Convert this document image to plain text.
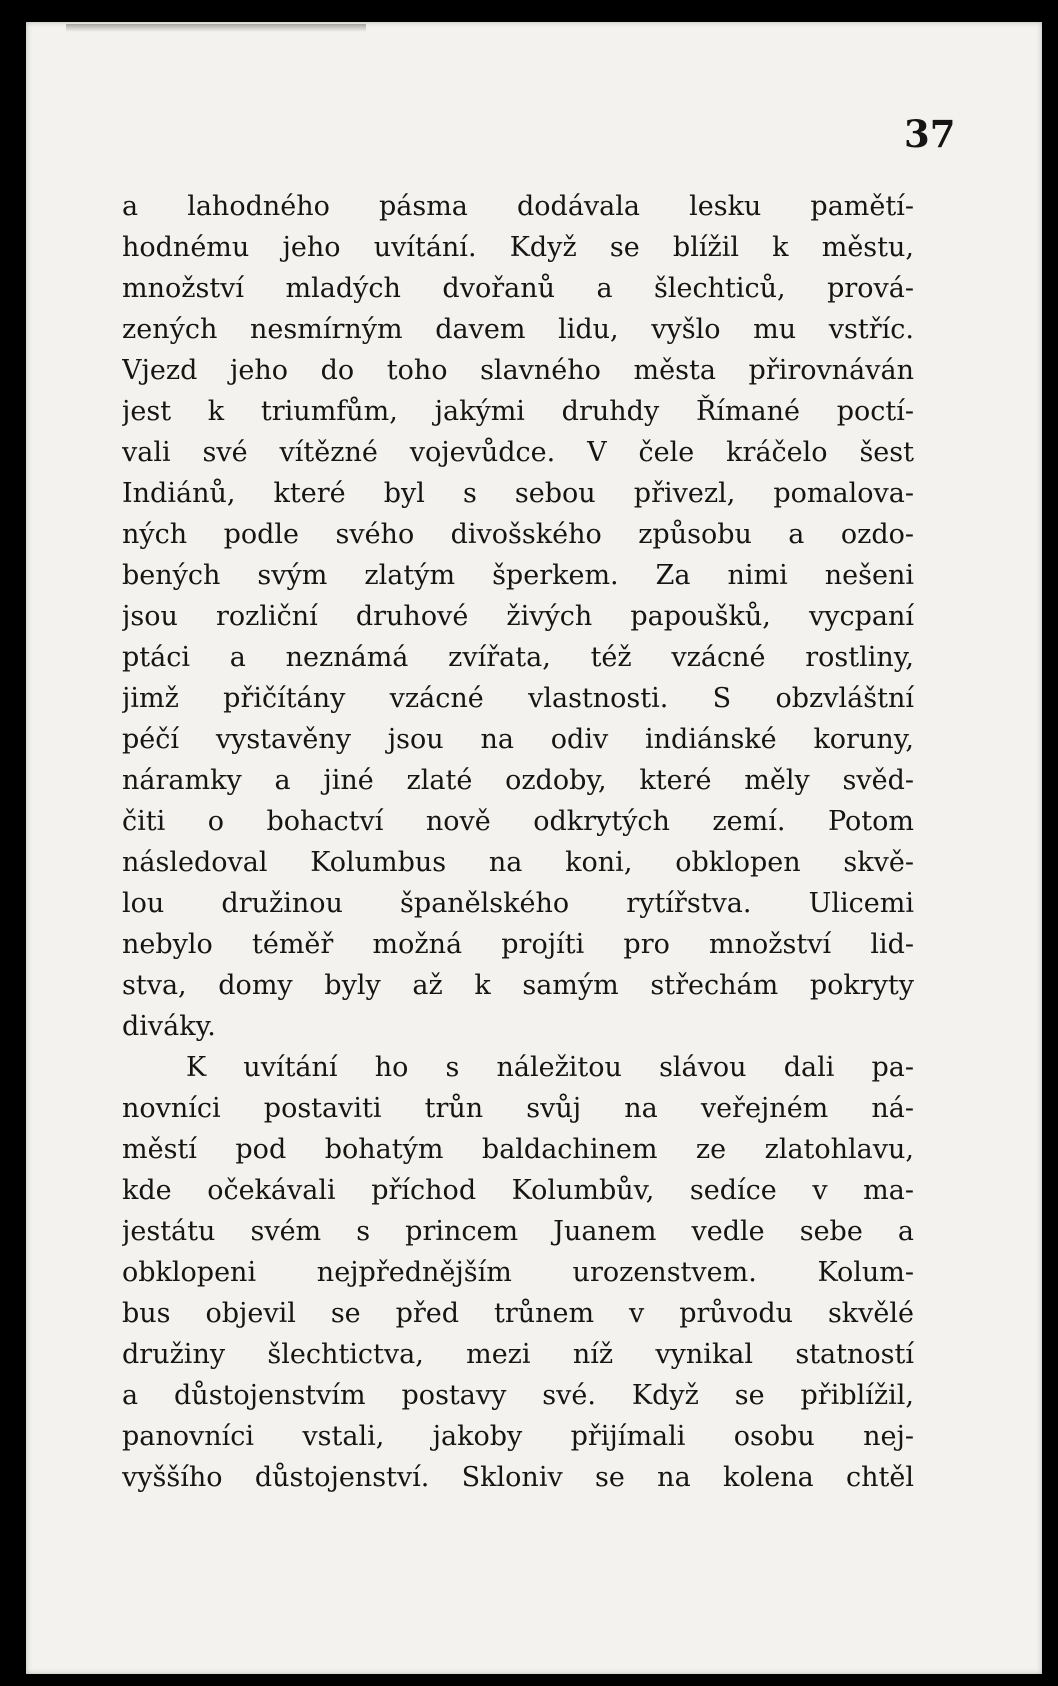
37

a lahodného pásma dodávala lesku pamětí-
hodnému jeho uvítání. Když se blížil k městu,
množství mladých dvořanů a šlechticů, prová-
zených nesmírným davem lidu, vyšlo mu vstříc.
Vjezd jeho do toho slavného města přirovnáván
jest k triumfům, jakými druhdy Římané poctí-
vali své vítězné vojevůdce. V čele kráčelo šest
Indiánů, které byl s sebou přivezl, pomalova-
ných podle svého divošského způsobu a ozdo-
bených svým zlatým šperkem. Za nimi nešeni
jsou rozliční druhové živých papoušků, vycpaní
ptáci a neznámá zvířata, též vzácné rostliny,
jimž přičítány vzácné vlastnosti. S obzvláštní
péčí vystavěny jsou na odiv indiánské koruny,
náramky a jiné zlaté ozdoby, které měly svěd-
čiti o bohactví nově odkrytých zemí. Potom
následoval Kolumbus na koni, obklopen skvě-
lou družinou španělského rytířstva. Ulicemi
nebylo téměř možná projíti pro množství lid-
stva, domy byly až k samým střechám pokryty
diváky.
K uvítání ho s náležitou slávou dali pa-
novníci postaviti trůn svůj na veřejném ná-
městí pod bohatým baldachinem ze zlatohlavu,
kde očekávali příchod Kolumbův, sedíce v ma-
jestátu svém s princem Juanem vedle sebe a
obklopeni nejpřednějším urozenstvem. Kolum-
bus objevil se před trůnem v průvodu skvělé
družiny šlechtictva, mezi níž vynikal statností
a důstojenstvím postavy své. Když se přiblížil,
panovníci vstali, jakoby přijímali osobu nej-
vyššího důstojenství. Skloniv se na kolena chtěl
